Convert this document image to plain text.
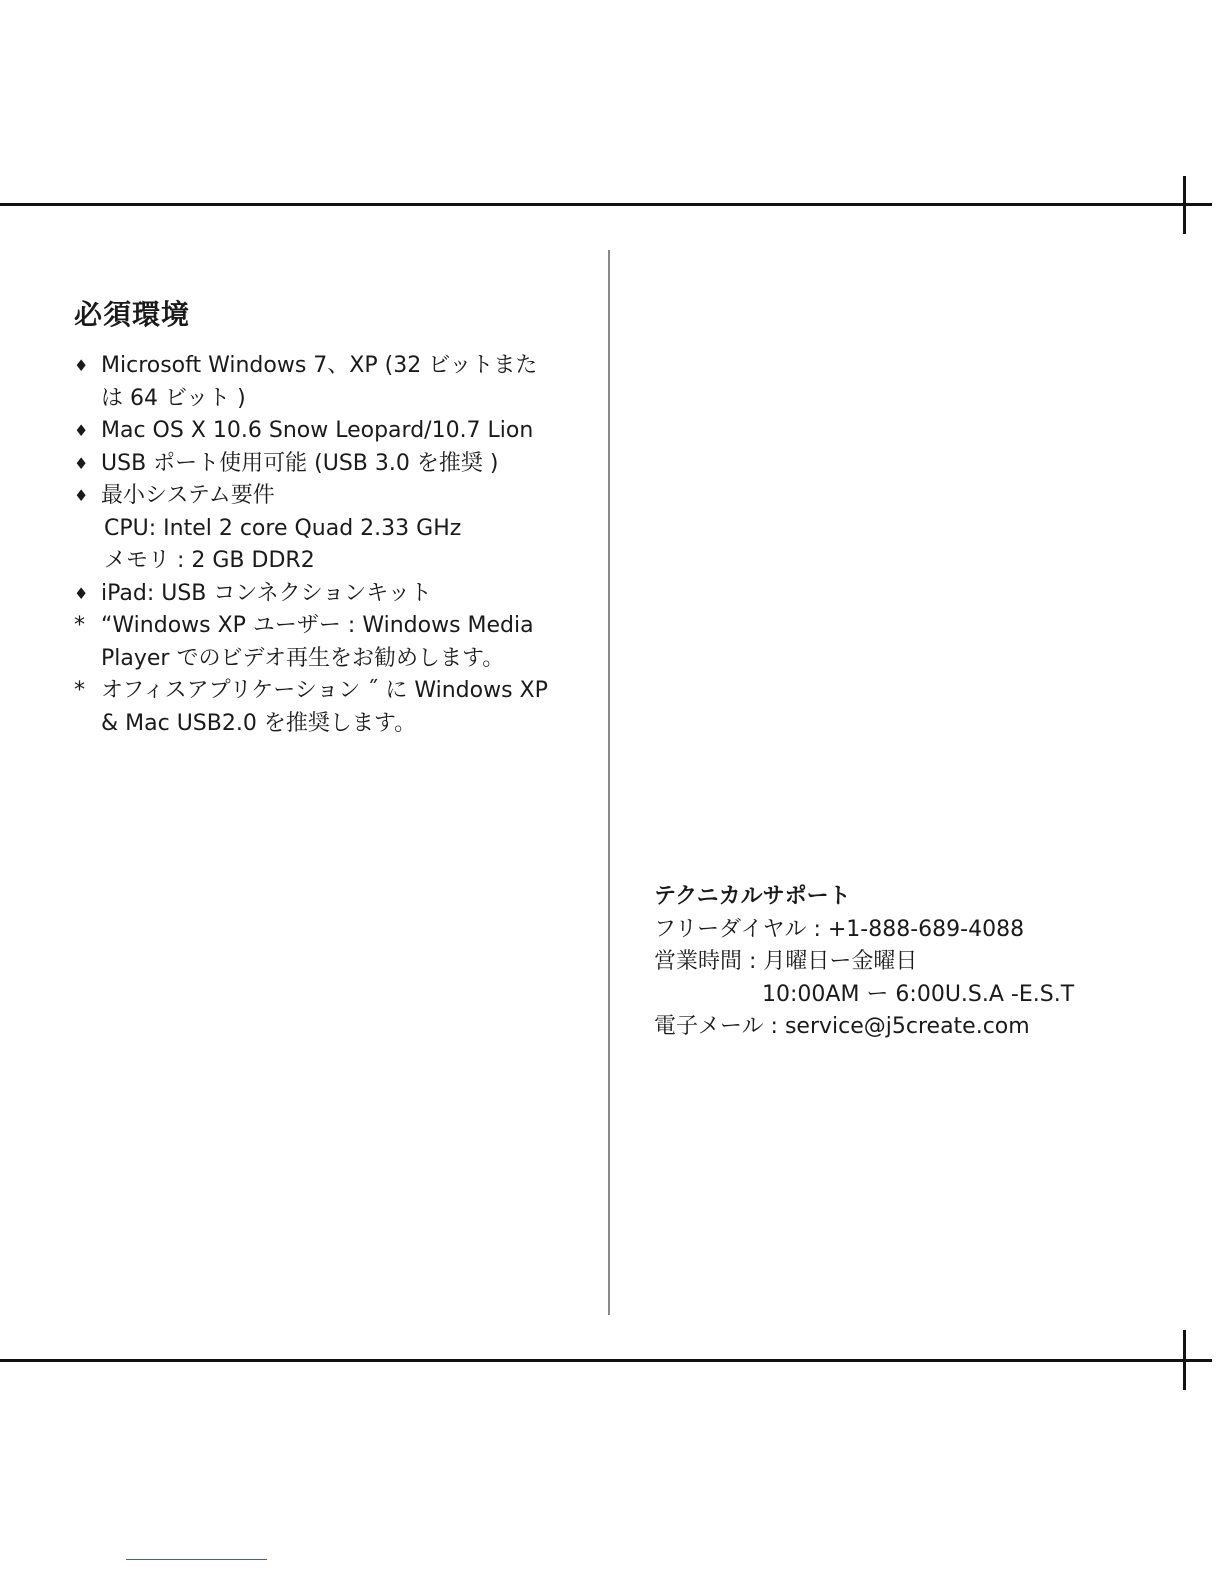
必須環境
♦ Microsoft Windows 7、XP (32 ビットまた
は 64 ビット )
♦ Mac OS X 10.6 Snow Leopard/10.7 Lion
♦ USB ポート使用可能 (USB 3.0 を推奨 )
♦ 最小システム要件
CPU: Intel 2 core Quad 2.33 GHz
メモリ : 2 GB DDR2
♦ iPad: USB コンネクションキット
* “Windows XP ユーザー : Windows Media
Player でのビデオ再生をお勧めします。
* オフィスアプリケーション ˝ に Windows XP
& Mac USB2.0 を推奨します。
テクニカルサポート
フリーダイヤル : +1-888-689-4088
営業時間 : 月曜日ー金曜日
10:00AM ー 6:00U.S.A -E.S.T
電子メール : service@j5create.com
